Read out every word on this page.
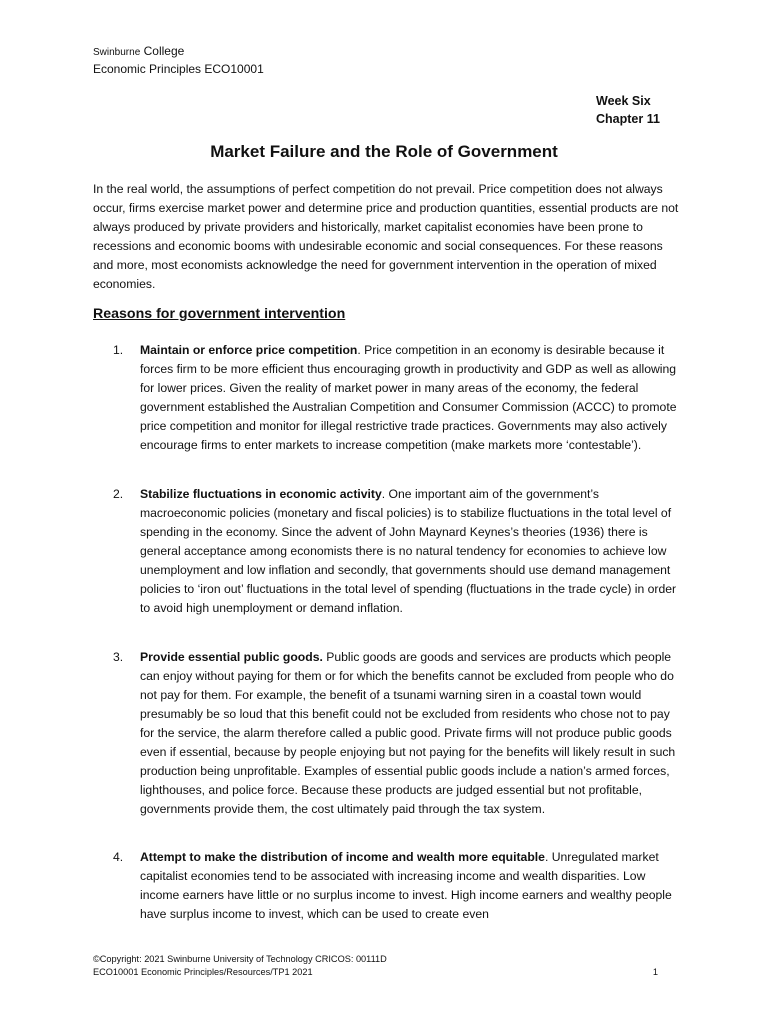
Swinburne College
Economic Principles ECO10001
Week Six
Chapter 11
Market Failure and the Role of Government

In the real world, the assumptions of perfect competition do not prevail. Price competition does not always occur, firms exercise market power and determine price and production quantities, essential products are not always produced by private providers and historically, market capitalist economies have been prone to recessions and economic booms with undesirable economic and social consequences. For these reasons and more, most economists acknowledge the need for government intervention in the operation of mixed economies.

Reasons for government intervention
1. Maintain or enforce price competition. Price competition in an economy is desirable because it forces firm to be more efficient thus encouraging growth in productivity and GDP as well as allowing for lower prices. Given the reality of market power in many areas of the economy, the federal government established the Australian Competition and Consumer Commission (ACCC) to promote price competition and monitor for illegal restrictive trade practices. Governments may also actively encourage firms to enter markets to increase competition (make markets more ‘contestable’).

2. Stabilize fluctuations in economic activity. One important aim of the government’s macroeconomic policies (monetary and fiscal policies) is to stabilize fluctuations in the total level of spending in the economy. Since the advent of John Maynard Keynes’s theories (1936) there is general acceptance among economists there is no natural tendency for economies to achieve low unemployment and low inflation and secondly, that governments should use demand management policies to ‘iron out’ fluctuations in the total level of spending (fluctuations in the trade cycle) in order to avoid high unemployment or demand inflation.

3. Provide essential public goods. Public goods are goods and services are products which people can enjoy without paying for them or for which the benefits cannot be excluded from people who do not pay for them. For example, the benefit of a tsunami warning siren in a coastal town would presumably be so loud that this benefit could not be excluded from residents who chose not to pay for the service, the alarm therefore called a public good. Private firms will not produce public goods even if essential, because by people enjoying but not paying for the benefits will likely result in such production being unprofitable. Examples of essential public goods include a nation’s armed forces, lighthouses, and police force. Because these products are judged essential but not profitable, governments provide them, the cost ultimately paid through the tax system.

4. Attempt to make the distribution of income and wealth more equitable. Unregulated market capitalist economies tend to be associated with increasing income and wealth disparities. Low income earners have little or no surplus income to invest. High income earners and wealthy people have surplus income to invest, which can be used to create even

©Copyright: 2021 Swinburne University of Technology CRICOS: 00111D
ECO10001 Economic Principles/Resources/TP1 2021	1
